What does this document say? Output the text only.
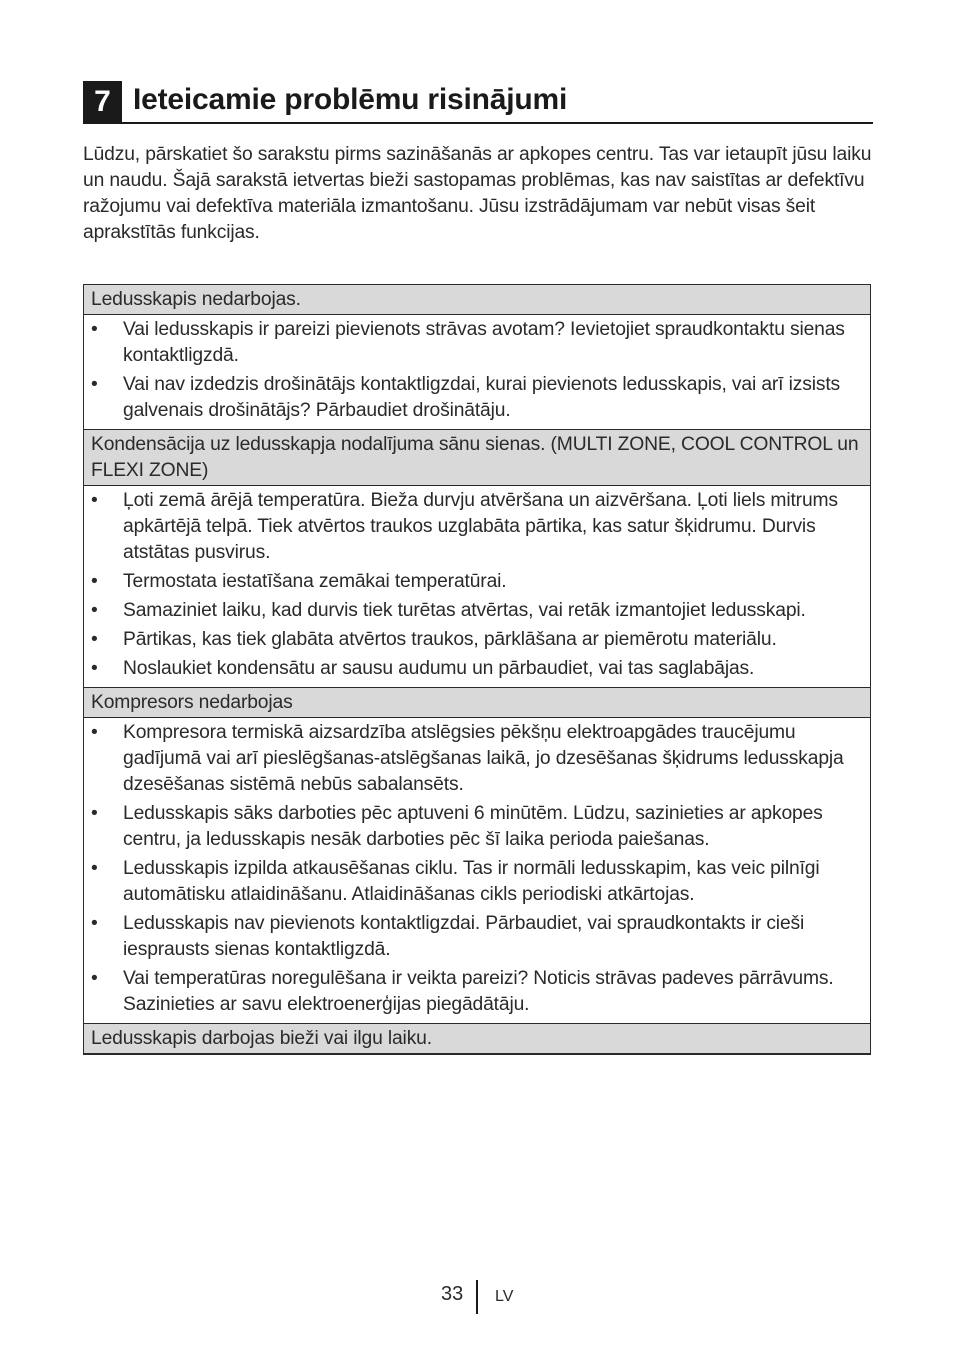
7 Ieteicamie problēmu risinājumi

Lūdzu, pārskatiet šo sarakstu pirms sazināšanās ar apkopes centru. Tas var ietaupīt jūsu laiku un naudu. Šajā sarakstā ietvertas bieži sastopamas problēmas, kas nav saistītas ar defektīvu ražojumu vai defektīva materiāla izmantošanu. Jūsu izstrādājumam var nebūt visas šeit aprakstītās funkcijas.

Ledusskapis nedarbojas.
•	Vai ledusskapis ir pareizi pievienots strāvas avotam? Ievietojiet spraudkontaktu sienas kontaktligzdā.
•	Vai nav izdedzis drošinātājs kontaktligzdai, kurai pievienots ledusskapis, vai arī izsists galvenais drošinātājs? Pārbaudiet drošinātāju.
Kondensācija uz ledusskapja nodalījuma sānu sienas. (MULTI ZONE, COOL CONTROL un FLEXI ZONE)
•	Ļoti zemā ārējā temperatūra. Bieža durvju atvēršana un aizvēršana. Ļoti liels mitrums apkārtējā telpā. Tiek atvērtos traukos uzglabāta pārtika, kas satur šķidrumu. Durvis atstātas pusvirus.
•	Termostata iestatīšana zemākai temperatūrai.
•	Samaziniet laiku, kad durvis tiek turētas atvērtas, vai retāk izmantojiet ledusskapi.
•	Pārtikas, kas tiek glabāta atvērtos traukos, pārklāšana ar piemērotu materiālu.
•	Noslaukiet kondensātu ar sausu audumu un pārbaudiet, vai tas saglabājas.
Kompresors nedarbojas
•	Kompresora termiskā aizsardzība atslēgsies pēkšņu elektroapgādes traucējumu gadījumā vai arī pieslēgšanas-atslēgšanas laikā, jo dzesēšanas šķidrums ledusskapja dzesēšanas sistēmā nebūs sabalansēts.
•	Ledusskapis sāks darboties pēc aptuveni 6 minūtēm. Lūdzu, sazinieties ar apkopes centru, ja ledusskapis nesāk darboties pēc šī laika perioda paiešanas.
•	Ledusskapis izpilda atkausēšanas ciklu. Tas ir normāli ledusskapim, kas veic pilnīgi automātisku atlaidināšanu. Atlaidināšanas cikls periodiski atkārtojas.
•	Ledusskapis nav pievienots kontaktligzdai. Pārbaudiet, vai spraudkontakts ir cieši iesprausts sienas kontaktligzdā.
•	Vai temperatūras noregulēšana ir veikta pareizi? Noticis strāvas padeves pārrāvums. Sazinieties ar savu elektroenerģijas piegādātāju.
Ledusskapis darbojas bieži vai ilgu laiku.
33 LV
